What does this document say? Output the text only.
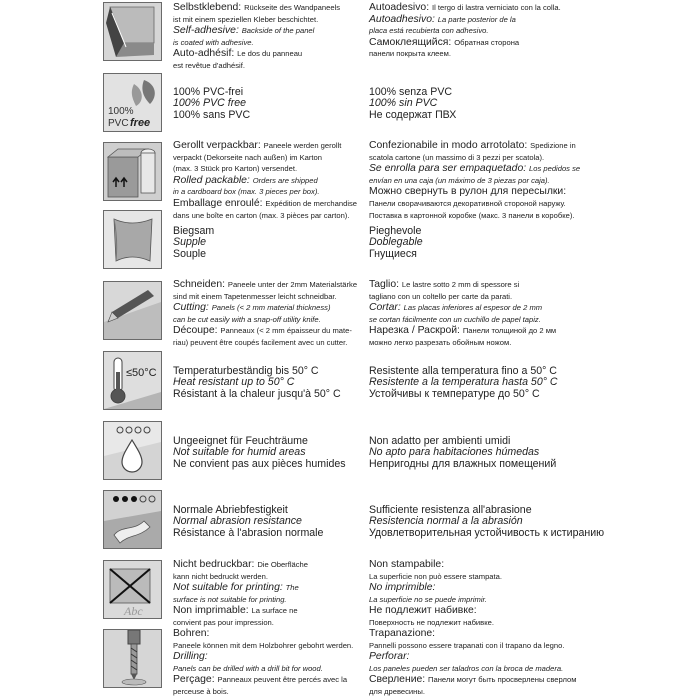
Selbstklebend: Rückseite des Wandpaneels
ist mit einem speziellen Kleber beschichtet.
Self-adhesive: Backside of the panel
is coated with adhesive.
Auto-adhésif: Le dos du panneau
est revêtue d'adhésif.
Autoadesivo: Il tergo di lastra verniciato con la colla.
Autoadhesivo: La parte posterior de la
placa está recubierta con adhesivo.
Самоклеящийся: Обратная сторона
панели покрыта клеем.
100%
PVC free
100% PVC-frei
100% PVC free
100% sans PVC
100% senza PVC
100% sin PVC
Не содержат ПВХ
Gerollt verpackbar: Paneele werden gerollt
verpackt (Dekorseite nach außen) im Karton
(max. 3 Stück pro Karton) versendet.
Rolled packable: Orders are shipped
in a cardboard box (max. 3 pieces per box).
Emballage enroulé: Expédition de merchandise
dans une boîte en carton (max. 3 pièces par carton).
Confezionabile in modo arrotolato: Spedizione in
scatola cartone (un massimo di 3 pezzi per scatola).
Se enrolla para ser empaquetado: Los pedidos se
envían en una caja (un máximo de 3 piezas por caja).
Можно свернуть в рулон для пересылки:
Панели сворачиваются декоративной стороной наружу.
Поставка в картонной коробке (макс. 3 панели в коробке).
Biegsam
Supple
Souple
Pieghevole
Doblegable
Гнущиеся
Schneiden: Paneele unter der 2mm Materialstärke
sind mit einem Tapetenmesser leicht schneidbar.
Cutting: Panels (< 2 mm material thickness)
can be cut easily with a snap-off utility knife.
Découpe: Panneaux (< 2 mm épaisseur du mate-
riau) peuvent être coupés facilement avec un cutter.
Taglio: Le lastre sotto 2 mm di spessore si
tagliano con un coltello per carte da parati.
Cortar: Las placas inferiores al espesor de 2 mm
se cortan fácilmente con un cuchillo de papel tapiz.
Нарезка / Раскрой: Панели толщиной до 2 мм
можно легко разрезать обойным ножом.
≤50°C Temperaturbeständig bis 50° C
Heat resistant up to 50° C
Résistant à la chaleur jusqu'à 50° C
Resistente alla temperatura fino a 50° C
Resistente a la temperatura hasta 50° C
Устойчивы к температуре до 50° C
Ungeeignet für Feuchträume
Not suitable for humid areas
Ne convient pas aux pièces humides
Non adatto per ambienti umidi
No apto para habitaciones húmedas
Непригодны для влажных помещений
Normale Abriebfestigkeit
Normal abrasion resistance
Résistance à l'abrasion normale
Sufficiente resistenza all'abrasione
Resistencia normal a la abrasión
Удовлетворительная устойчивость к истиранию
Abc
Nicht bedruckbar: Die Oberfläche
kann nicht bedruckt werden.
Not suitable for printing: The
surface is not suitable for printing.
Non imprimable: La surface ne
convient pas pour impression.
Non stampabile:
La superficie non può essere stampata.
No imprimible:
La superficie no se puede imprimir.
Не подлежит набивке:
Поверхность не подлежит набивке.
Bohren:
Paneele können mit dem Holzbohrer gebohrt werden.
Drilling:
Panels can be drilled with a drill bit for wood.
Perçage: Panneaux peuvent être percés avec la
perceuse à bois.
Trapanazione:
Pannelli possono essere trapanati con il trapano da legno.
Perforar:
Los paneles pueden ser taladros con la broca de madera.
Сверление: Панели могут быть просверлены сверлом
для древесины.
